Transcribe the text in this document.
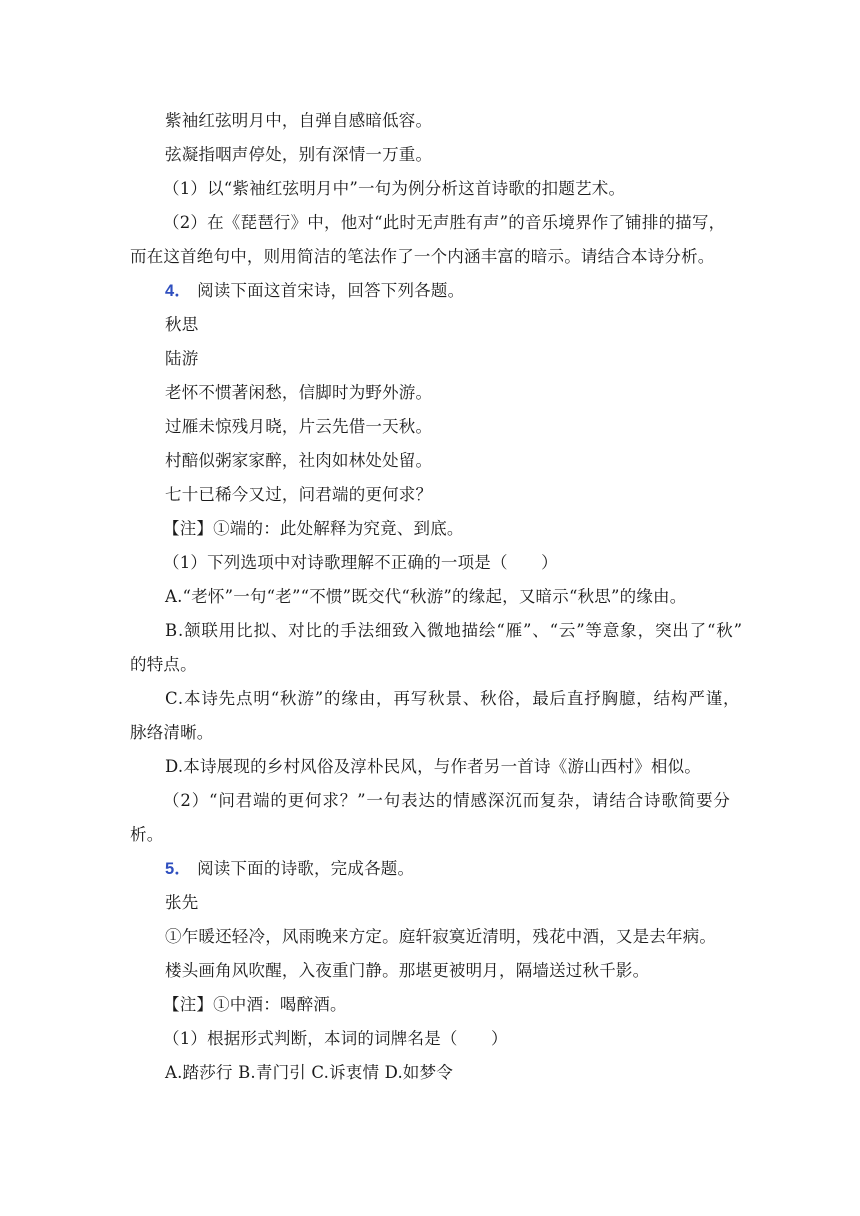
紫袖红弦明月中，自弹自感暗低容。
弦凝指咽声停处，别有深情一万重。
（1）以“紫袖红弦明月中”一句为例分析这首诗歌的扣题艺术。
（2）在《琵琶行》中，他对“此时无声胜有声”的音乐境界作了铺排的描写，
而在这首绝句中，则用简洁的笔法作了一个内涵丰富的暗示。请结合本诗分析。
4． 阅读下面这首宋诗，回答下列各题。
秋思
陆游
老怀不惯著闲愁，信脚时为野外游。
过雁未惊残月晓，片云先借一天秋。
村醅似粥家家醉，社肉如林处处留。
七十已稀今又过，问君端的更何求？
【注】①端的：此处解释为究竟、到底。
（1）下列选项中对诗歌理解不正确的一项是（　　）
A.“老怀”一句“老”“不惯”既交代“秋游”的缘起，又暗示“秋思”的缘由。
B.颔联用比拟、对比的手法细致入微地描绘“雁”、“云”等意象，突出了“秋”
的特点。
C.本诗先点明“秋游”的缘由，再写秋景、秋俗，最后直抒胸臆，结构严谨，
脉络清晰。
D.本诗展现的乡村风俗及淳朴民风，与作者另一首诗《游山西村》相似。
（2）“问君端的更何求？”一句表达的情感深沉而复杂，请结合诗歌简要分
析。
5． 阅读下面的诗歌，完成各题。
张先
①乍暖还轻冷，风雨晚来方定。庭轩寂寞近清明，残花中酒，又是去年病。
楼头画角风吹醒，入夜重门静。那堪更被明月，隔墙送过秋千影。
【注】①中酒：喝醉酒。
（1）根据形式判断，本词的词牌名是（　　）
A.踏莎行 B.青门引 C.诉衷情 D.如梦令
